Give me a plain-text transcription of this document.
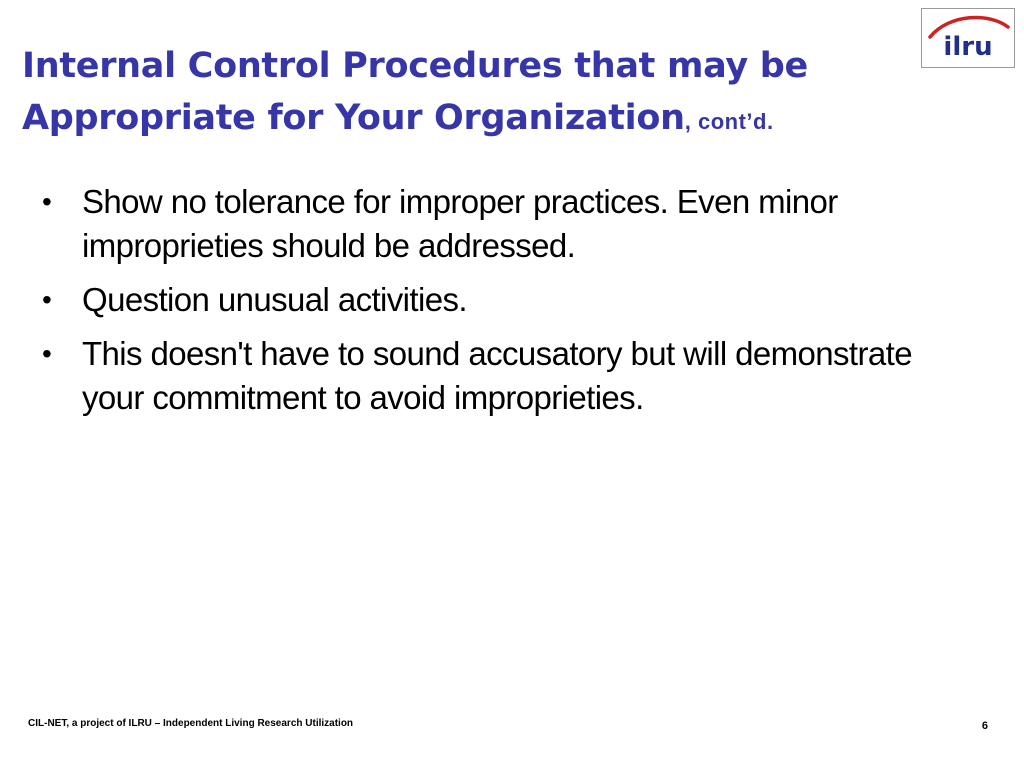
Internal Control Procedures that may be
Appropriate for Your Organization, cont’d.
ilru
• Show no tolerance for improper practices. Even minor improprieties should be addressed.
• Question unusual activities.
• This doesn't have to sound accusatory but will demonstrate your commitment to avoid improprieties.
CIL-NET, a project of ILRU – Independent Living Research Utilization	6
